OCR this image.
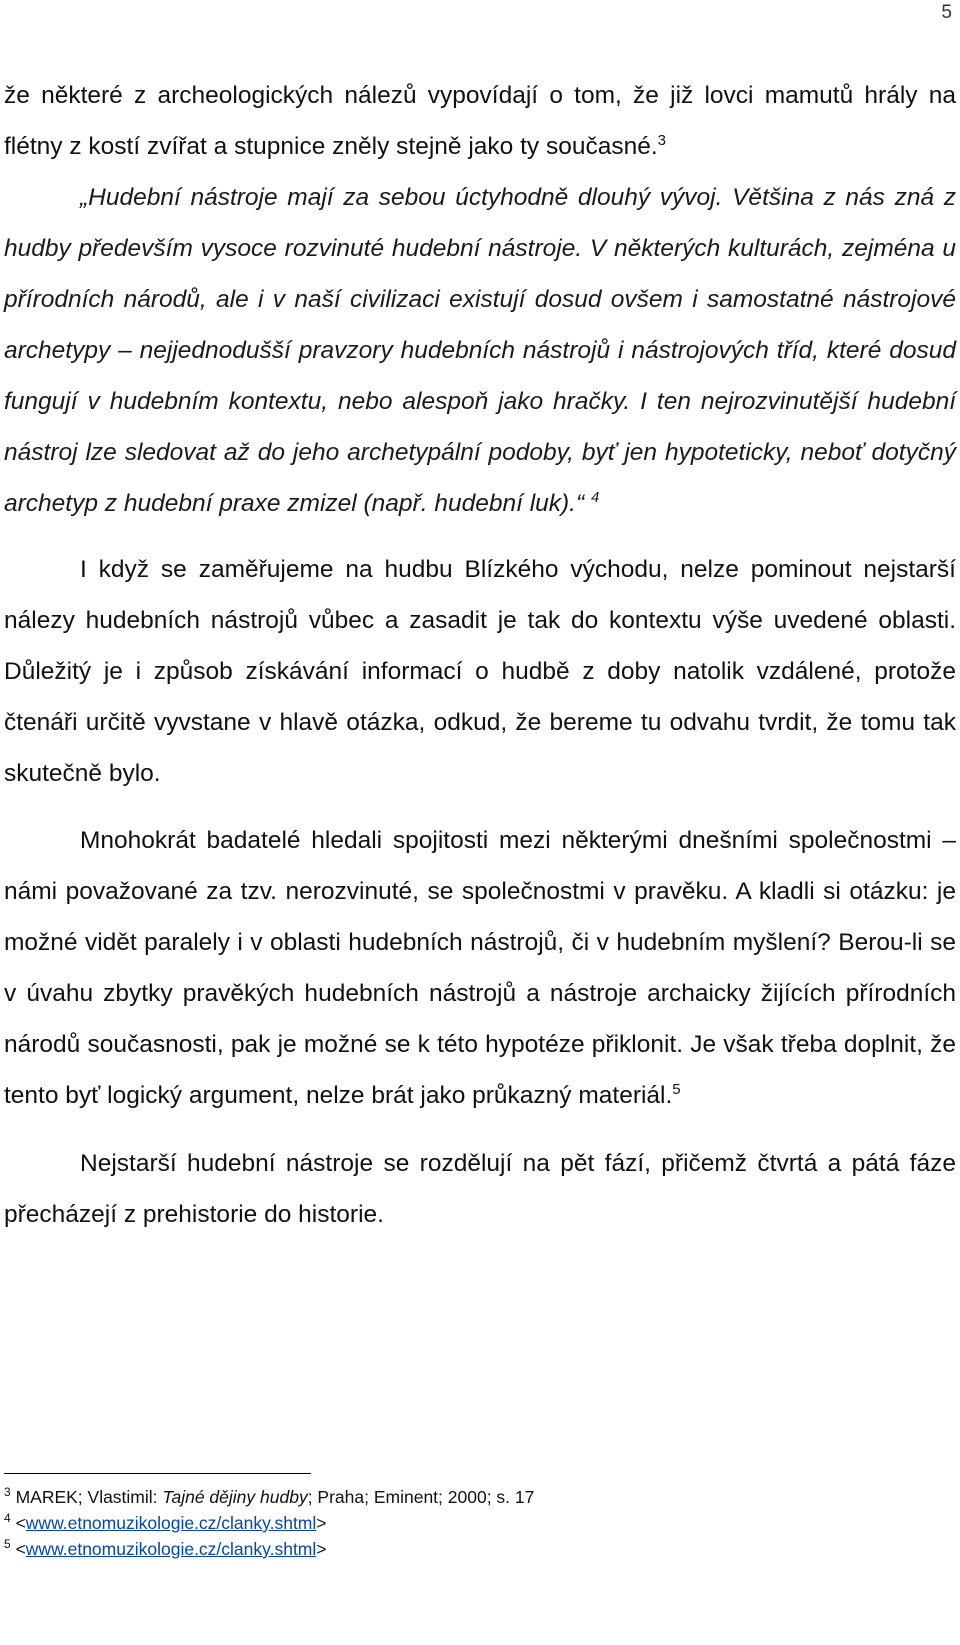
5

že některé z archeologických nálezů vypovídají o tom, že již lovci mamutů hrály na flétny z kostí zvířat a stupnice zněly stejně jako ty současné.$^3$

„Hudební nástroje mají za sebou úctyhodně dlouhý vývoj. Většina z nás zná z hudby především vysoce rozvinuté hudební nástroje. V některých kulturách, zejména u přírodních národů, ale i v naší civilizaci existují dosud ovšem i samostatné nástrojové archetypy – nejjednodušší pravzory hudebních nástrojů i nástrojových tříd, které dosud fungují v hudebním kontextu, nebo alespoň jako hračky. I ten nejrozvinutější hudební nástroj lze sledovat až do jeho archetypální podoby, byť jen hypoteticky, neboť dotyčný archetyp z hudební praxe zmizel (např. hudební luk).“ $^4$

I když se zaměřujeme na hudbu Blízkého východu, nelze pominout nejstarší nálezy hudebních nástrojů vůbec a zasadit je tak do kontextu výše uvedené oblasti. Důležitý je i způsob získávání informací o hudbě z doby natolik vzdálené, protože čtenáři určitě vyvstane v hlavě otázka, odkud, že bereme tu odvahu tvrdit, že tomu tak skutečně bylo.

Mnohokrát badatelé hledali spojitosti mezi některými dnešními společnostmi – námi považované za tzv. nerozvinuté, se společnostmi v pravěku. A kladli si otázku: je možné vidět paralely i v oblasti hudebních nástrojů, či v hudebním myšlení? Berou-li se v úvahu zbytky pravěkých hudebních nástrojů a nástroje archaicky žijících přírodních národů současnosti, pak je možné se k této hypotéze přiklonit. Je však třeba doplnit, že tento byť logický argument, nelze brát jako průkazný materiál.$^5$

Nejstarší hudební nástroje se rozdělují na pět fází, přičemž čtvrtá a pátá fáze přecházejí z prehistorie do historie.

$^3$ MAREK; Vlastimil: Tajné dějiny hudby; Praha; Eminent; 2000; s. 17
$^4$ <www.etnomuzikologie.cz/clanky.shtml>
$^5$ <www.etnomuzikologie.cz/clanky.shtml>
